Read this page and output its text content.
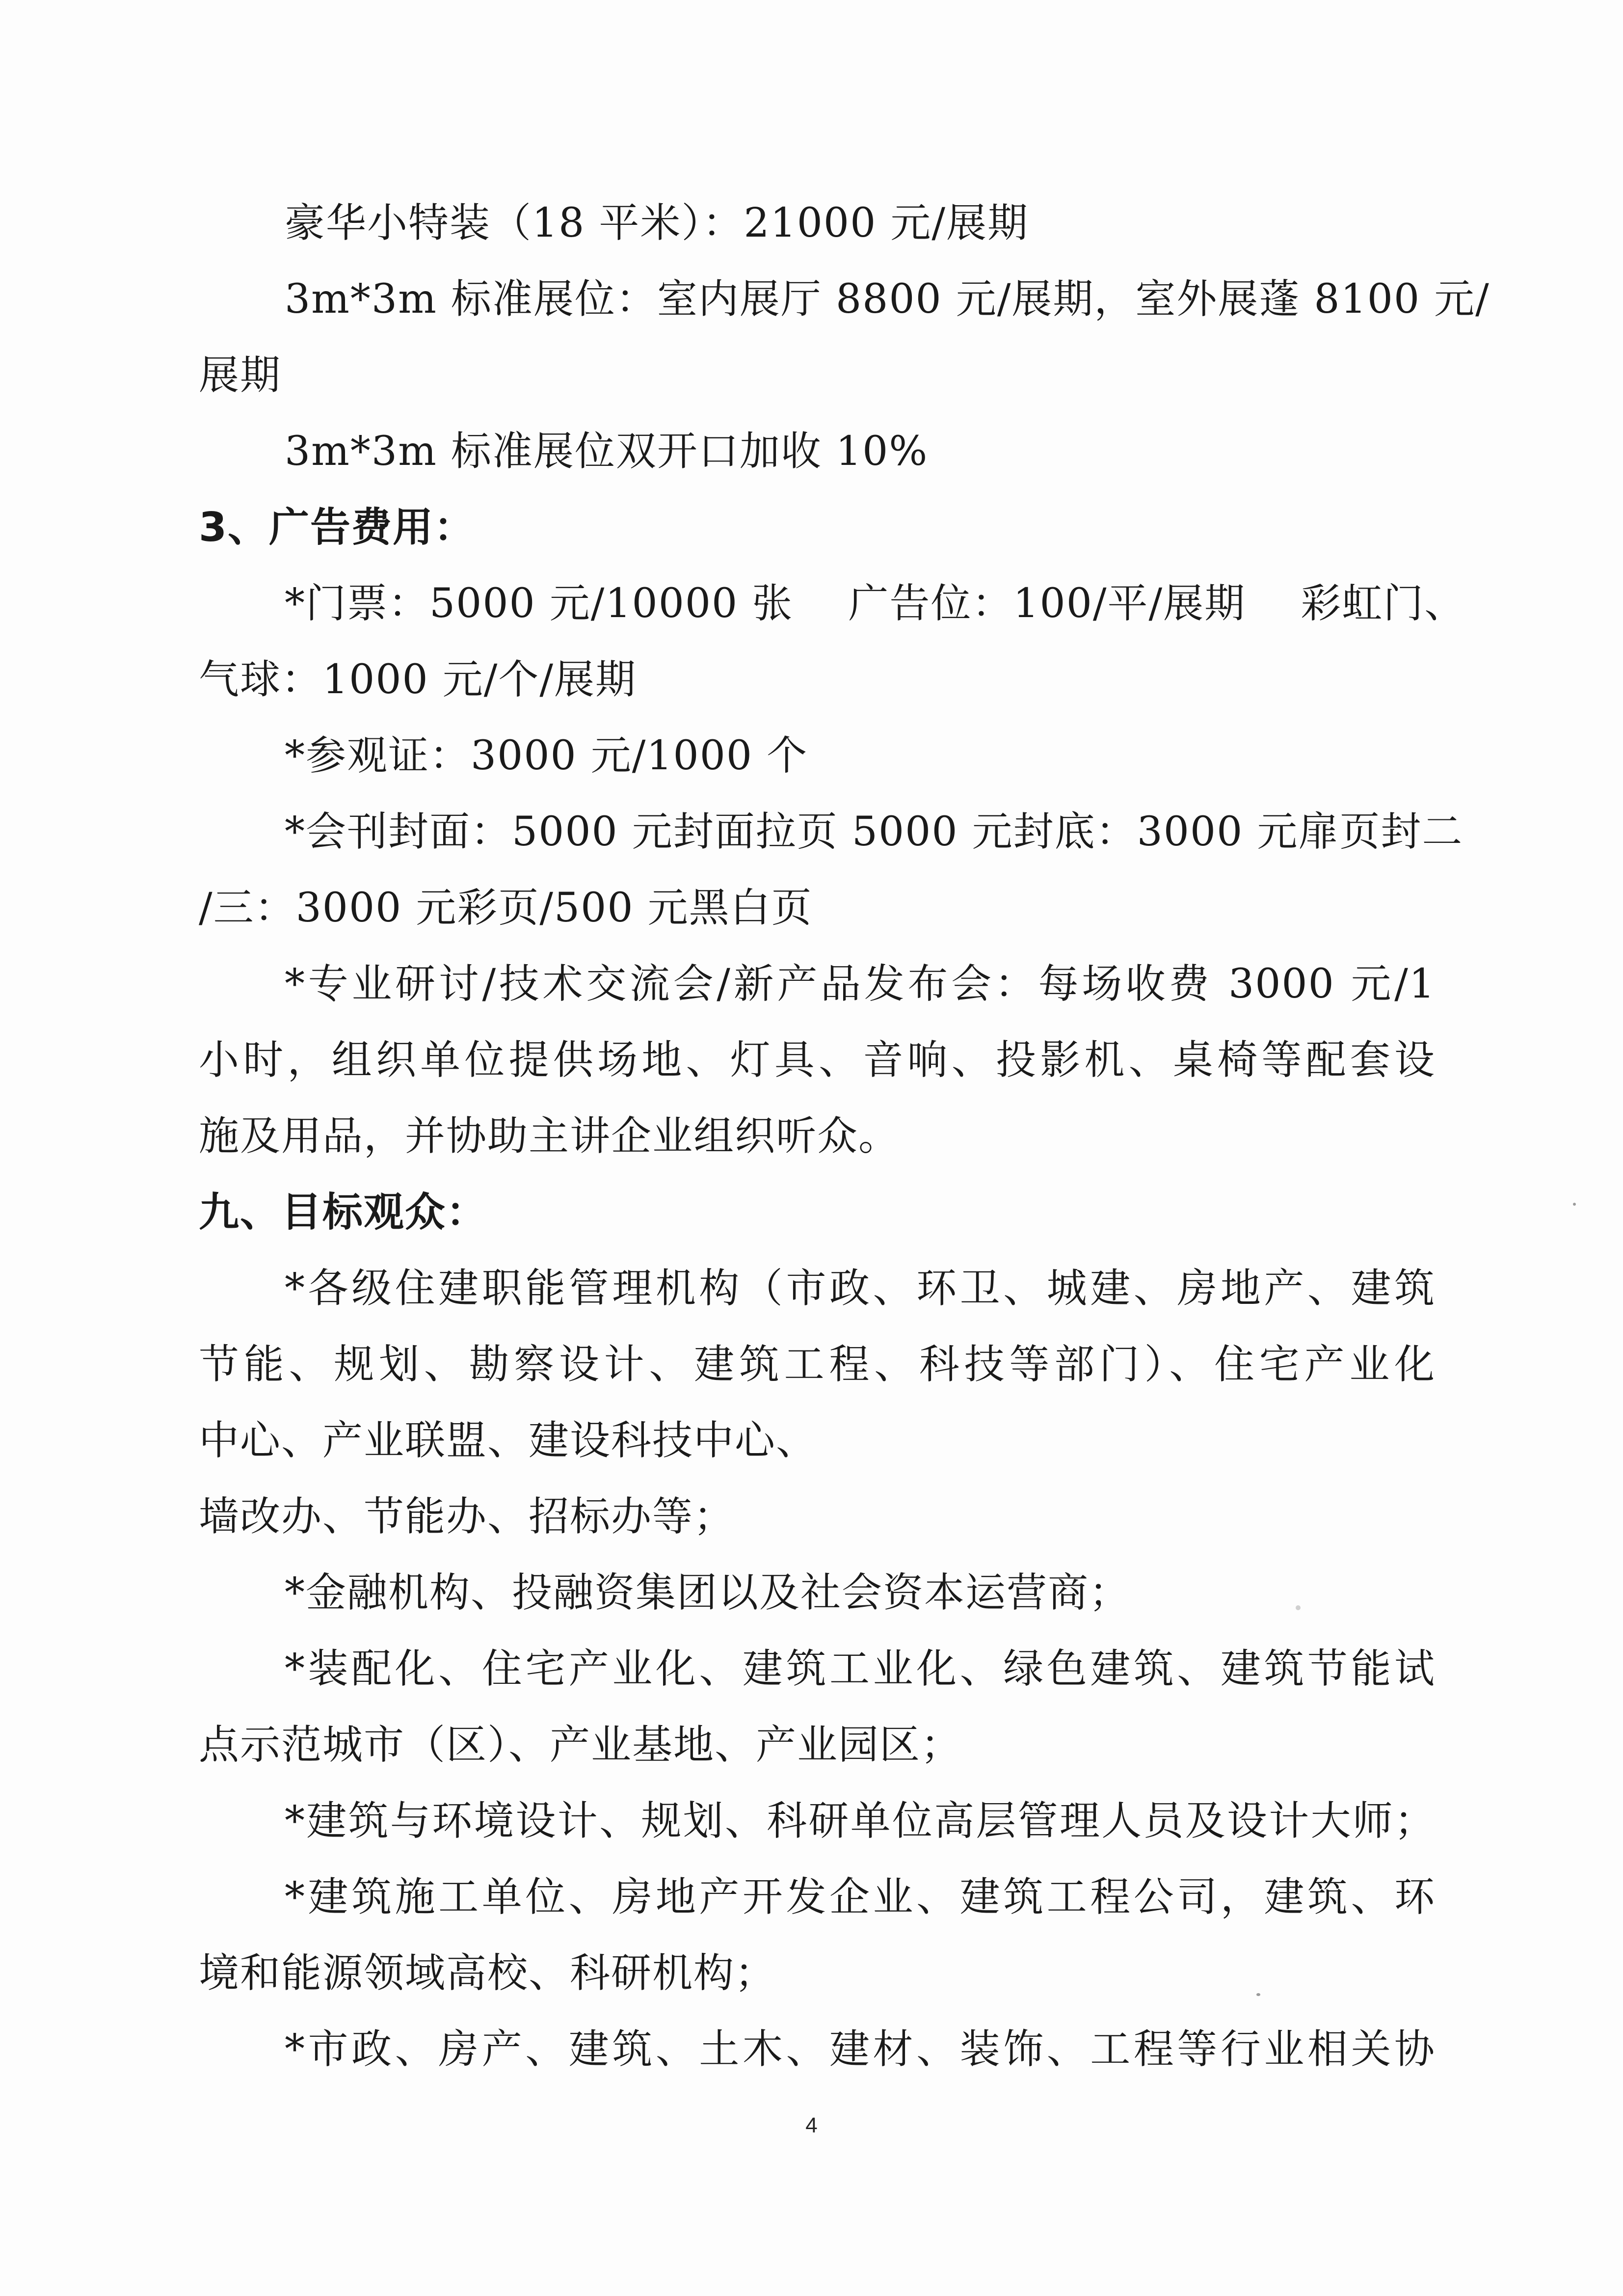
豪华小特装（18 平米）：21000 元/展期
3m*3m 标准展位：室内展厅 8800 元/展期，室外展蓬 8100 元/
展期
3m*3m 标准展位双开口加收 10%
3、广告费用：
*门票：5000 元/10000 张　 广告位：100/平/展期　 彩虹门、
气球：1000 元/个/展期
*参观证：3000 元/1000 个
*会刊封面：5000 元封面拉页 5000 元封底：3000 元扉页封二
/三：3000 元彩页/500 元黑白页
*专业研讨/技术交流会/新产品发布会：每场收费 3000 元/1
小时，组织单位提供场地、灯具、音响、投影机、桌椅等配套设
施及用品，并协助主讲企业组织听众。
九、目标观众：
*各级住建职能管理机构（市政、环卫、城建、房地产、建筑
节能、规划、勘察设计、建筑工程、科技等部门）、住宅产业化
中心、产业联盟、建设科技中心、
墙改办、节能办、招标办等；
*金融机构、投融资集团以及社会资本运营商；
*装配化、住宅产业化、建筑工业化、绿色建筑、建筑节能试
点示范城市（区）、产业基地、产业园区；
*建筑与环境设计、规划、科研单位高层管理人员及设计大师；
*建筑施工单位、房地产开发企业、建筑工程公司，建筑、环
境和能源领域高校、科研机构；
*市政、房产、建筑、土木、建材、装饰、工程等行业相关协
4
